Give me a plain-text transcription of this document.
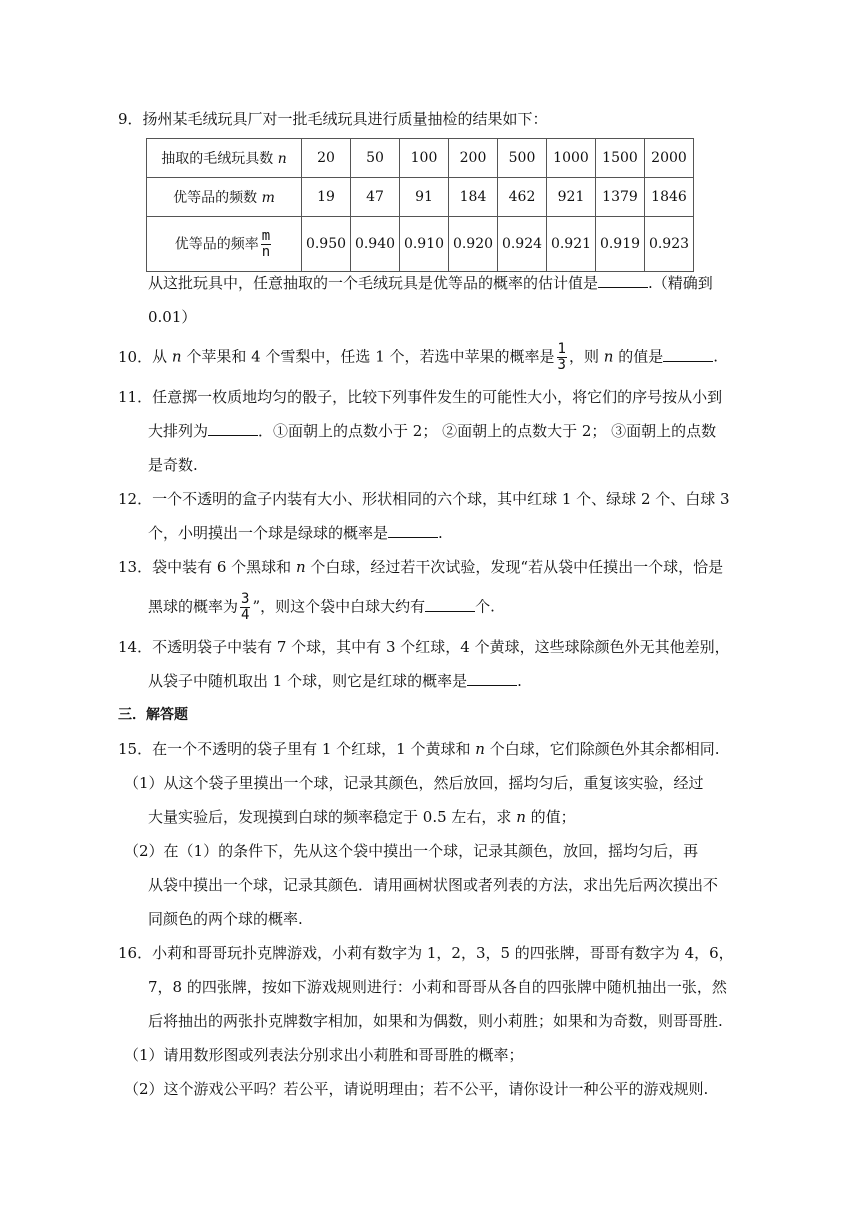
9．扬州某毛绒玩具厂对一批毛绒玩具进行质量抽检的结果如下：
抽取的毛绒玩具数 n	20	50	100	200	500	1000	1500	2000
优等品的频数 m	19	47	91	184	462	921	1379	1846
优等品的频率 $\frac{m}{n}$	0.950	0.940	0.910	0.920	0.924	0.921	0.919	0.923
从这批玩具中，任意抽取的一个毛绒玩具是优等品的概率的估计值是	.（精确到
0.01）
10．从 n 个苹果和 4 个雪梨中，任选 1 个，若选中苹果的概率是 $\frac{1}{3}$ ，则 n 的值是	.
11．任意掷一枚质地均匀的骰子，比较下列事件发生的可能性大小，将它们的序号按从小到
大排列为	．①面朝上的点数小于 2； ②面朝上的点数大于 2； ③面朝上的点数
是奇数.
12．一个不透明的盒子内装有大小、形状相同的六个球，其中红球 1 个、绿球 2 个、白球 3
个，小明摸出一个球是绿球的概率是	.
13．袋中装有 6 个黑球和 n 个白球，经过若干次试验，发现“若从袋中任摸出一个球，恰是
黑球的概率为 $\frac{3}{4}$ ”，则这个袋中白球大约有	个.
14．不透明袋子中装有 7 个球，其中有 3 个红球，4 个黄球，这些球除颜色外无其他差别，
从袋子中随机取出 1 个球，则它是红球的概率是	.
三．解答题
15．在一个不透明的袋子里有 1 个红球，1 个黄球和 n 个白球，它们除颜色外其余都相同.
（1）从这个袋子里摸出一个球，记录其颜色，然后放回，摇均匀后，重复该实验，经过
大量实验后，发现摸到白球的频率稳定于 0.5 左右，求 n 的值；
（2）在（1）的条件下，先从这个袋中摸出一个球，记录其颜色，放回，摇均匀后，再
从袋中摸出一个球，记录其颜色．请用画树状图或者列表的方法，求出先后两次摸出不
同颜色的两个球的概率.
16．小莉和哥哥玩扑克牌游戏，小莉有数字为 1，2，3，5 的四张牌，哥哥有数字为 4，6，
7，8 的四张牌，按如下游戏规则进行：小莉和哥哥从各自的四张牌中随机抽出一张，然
后将抽出的两张扑克牌数字相加，如果和为偶数，则小莉胜；如果和为奇数，则哥哥胜.
（1）请用数形图或列表法分别求出小莉胜和哥哥胜的概率；
（2）这个游戏公平吗？若公平，请说明理由；若不公平，请你设计一种公平的游戏规则.
